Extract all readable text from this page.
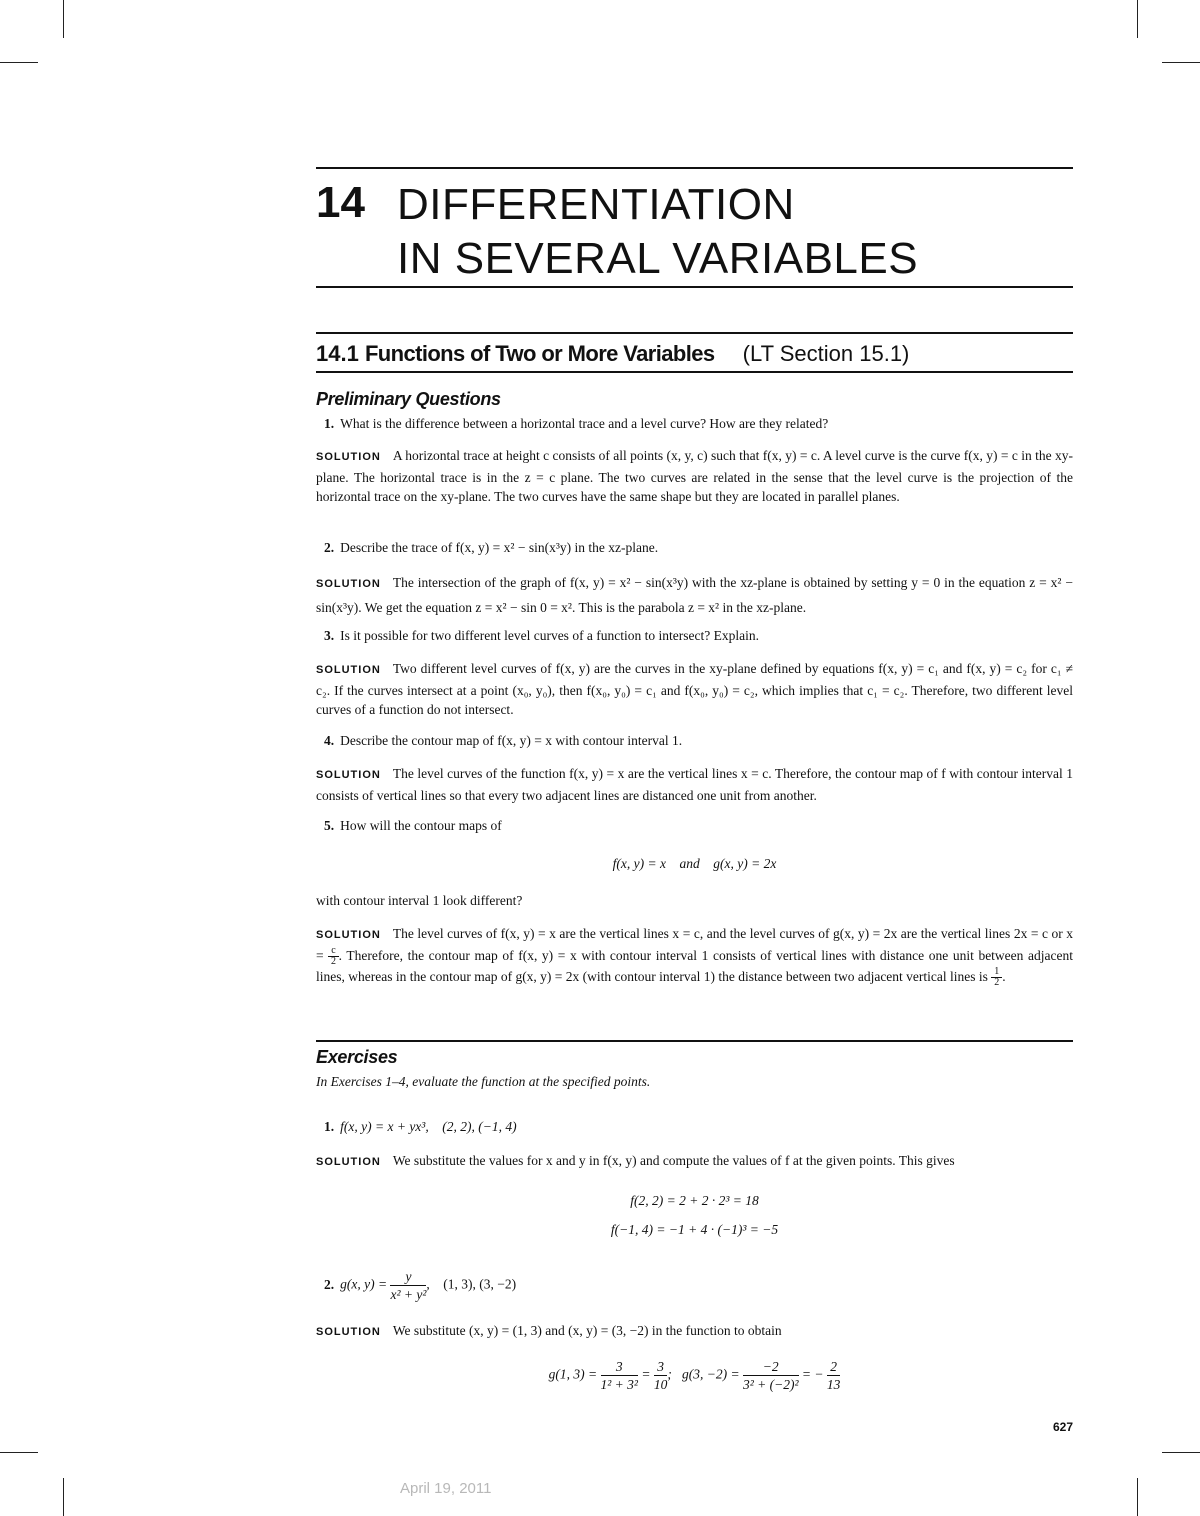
14 DIFFERENTIATION
IN SEVERAL VARIABLES
14.1 Functions of Two or More Variables (LT Section 15.1)
Preliminary Questions
1. What is the difference between a horizontal trace and a level curve? How are they related?
SOLUTION A horizontal trace at height c consists of all points (x, y, c) such that f(x, y) = c. A level curve is the curve f(x, y) = c in the xy-plane. The horizontal trace is in the z = c plane. The two curves are related in the sense that the level curve is the projection of the horizontal trace on the xy-plane. The two curves have the same shape but they are located in parallel planes.
2. Describe the trace of f(x, y) = x² − sin(x³y) in the xz-plane.
SOLUTION The intersection of the graph of f(x, y) = x² − sin(x³y) with the xz-plane is obtained by setting y = 0 in the equation z = x² − sin(x³y). We get the equation z = x² − sin 0 = x². This is the parabola z = x² in the xz-plane.
3. Is it possible for two different level curves of a function to intersect? Explain.
SOLUTION Two different level curves of f(x, y) are the curves in the xy-plane defined by equations f(x, y) = c₁ and f(x, y) = c₂ for c₁ ≠ c₂. If the curves intersect at a point (x₀, y₀), then f(x₀, y₀) = c₁ and f(x₀, y₀) = c₂, which implies that c₁ = c₂. Therefore, two different level curves of a function do not intersect.
4. Describe the contour map of f(x, y) = x with contour interval 1.
SOLUTION The level curves of the function f(x, y) = x are the vertical lines x = c. Therefore, the contour map of f with contour interval 1 consists of vertical lines so that every two adjacent lines are distanced one unit from another.
5. How will the contour maps of
f(x, y) = x    and    g(x, y) = 2x
with contour interval 1 look different?
SOLUTION The level curves of f(x, y) = x are the vertical lines x = c, and the level curves of g(x, y) = 2x are the vertical lines 2x = c or $x = \frac{c}{2}$ . Therefore, the contour map of f(x, y) = x with contour interval 1 consists of vertical lines with distance one unit between adjacent lines, whereas in the contour map of g(x, y) = 2x (with contour interval 1) the distance between two adjacent vertical lines is $\frac{1}{2}$ .
Exercises
In Exercises 1–4, evaluate the function at the specified points.
1. f(x, y) = x + yx³,    (2, 2), (−1, 4)
SOLUTION We substitute the values for x and y in f(x, y) and compute the values of f at the given points. This gives
f(2, 2) = 2 + 2 · 2³ = 18
f(−1, 4) = −1 + 4 · (−1)³ = −5
2. g(x, $y) = \frac{y}{\text{x² + y²}}$ ,    (1, 3), (3, −2)
SOLUTION We substitute (x, y) = (1, 3) and (x, y) = (3, −2) in the function to obtain
g(1, $3) = \frac{3}{\text{1² + 3²}} = \frac{3}{10}$ ; g(3, $-2) = \frac{-2}{\text{3² + (−2)²}}$ = − $\frac{2}{13}$
627
April 19, 2011
